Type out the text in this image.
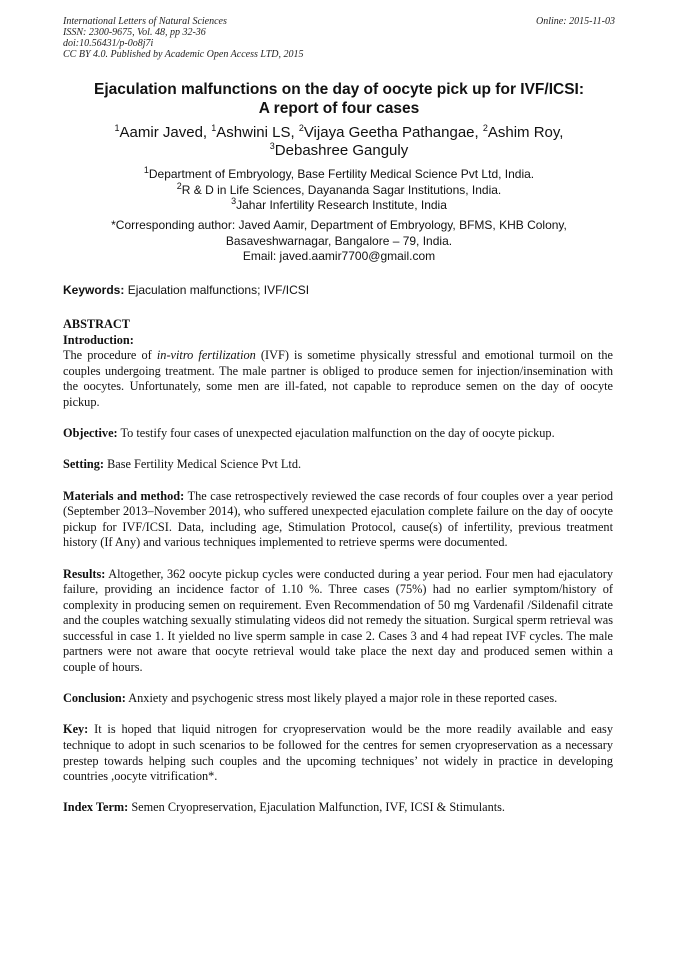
International Letters of Natural Sciences	Online: 2015-11-03
ISSN: 2300-9675, Vol. 48, pp 32-36
doi:10.56431/p-0o8j7i
CC BY 4.0. Published by Academic Open Access LTD, 2015
Ejaculation malfunctions on the day of oocyte pick up for IVF/ICSI:
A report of four cases
$^1$Aamir Javed, $^1$Ashwini LS, $^2$Vijaya Geetha Pathangae, $^2$Ashim Roy,
$^3$Debashree Ganguly
$^1$Department of Embryology, Base Fertility Medical Science Pvt Ltd, India.
$^2$R & D in Life Sciences, Dayananda Sagar Institutions, India.
$^3$Jahar Infertility Research Institute, India
*Corresponding author: Javed Aamir, Department of Embryology, BFMS, KHB Colony,
Basaveshwarnagar, Bangalore – 79, India.
Email: javed.aamir7700@gmail.com
Keywords: Ejaculation malfunctions; IVF/ICSI
ABSTRACT
Introduction:

The procedure of in-vitro fertilization (IVF) is sometime physically stressful and emotional turmoil on the couples undergoing treatment. The male partner is obliged to produce semen for injection/insemination with the oocytes. Unfortunately, some men are ill-fated, not capable to reproduce semen on the day of oocyte pickup.

Objective: To testify four cases of unexpected ejaculation malfunction on the day of oocyte pickup.

Setting: Base Fertility Medical Science Pvt Ltd.

Materials and method: The case retrospectively reviewed the case records of four couples over a year period (September 2013–November 2014), who suffered unexpected ejaculation complete failure on the day of oocyte pickup for IVF/ICSI. Data, including age, Stimulation Protocol, cause(s) of infertility, previous treatment history (If Any) and various techniques implemented to retrieve sperms were documented.

Results: Altogether, 362 oocyte pickup cycles were conducted during a year period. Four men had ejaculatory failure, providing an incidence factor of 1.10 %. Three cases (75%) had no earlier symptom/history of complexity in producing semen on requirement. Even Recommendation of 50 mg Vardenafil /Sildenafil citrate and the couples watching sexually stimulating videos did not remedy the situation. Surgical sperm retrieval was successful in case 1. It yielded no live sperm sample in case 2. Cases 3 and 4 had repeat IVF cycles. The male partners were not aware that oocyte retrieval would take place the next day and produced semen within a couple of hours.

Conclusion: Anxiety and psychogenic stress most likely played a major role in these reported cases.

Key: It is hoped that liquid nitrogen for cryopreservation would be the more readily available and easy technique to adopt in such scenarios to be followed for the centres for semen cryopreservation as a necessary prestep towards helping such couples and the upcoming techniques’ not widely in practice in developing countries ,oocyte vitrification*.

Index Term: Semen Cryopreservation, Ejaculation Malfunction, IVF, ICSI & Stimulants.
